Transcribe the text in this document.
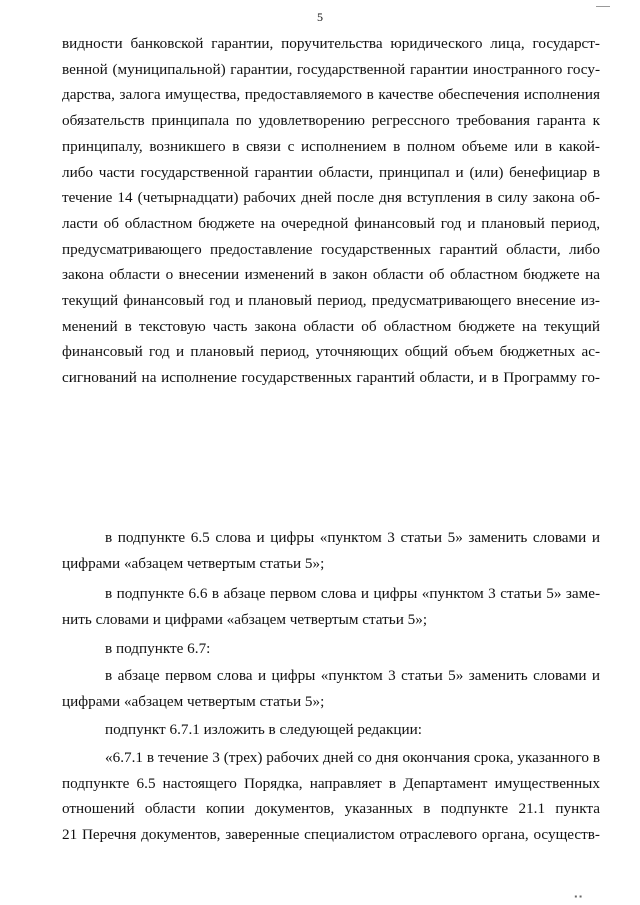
5
видности банковской гарантии, поручительства юридического лица, государст-
венной (муниципальной) гарантии, государственной гарантии иностранного госу-
дарства, залога имущества, предоставляемого в качестве обеспечения исполнения
обязательств принципала по удовлетворению регрессного требования гаранта к
принципалу, возникшего в связи с исполнением в полном объеме или в какой-
либо части государственной гарантии области, принципал и (или) бенефициар в
течение 14 (четырнадцати) рабочих дней после дня вступления в силу закона об-
ласти об областном бюджете на очередной финансовый год и плановый период,
предусматривающего предоставление государственных гарантий области, либо
закона области о внесении изменений в закон области об областном бюджете на
текущий финансовый год и плановый период, предусматривающего внесение из-
менений в текстовую часть закона области об областном бюджете на текущий
финансовый год и плановый период, уточняющих общий объем бюджетных ас-
сигнований на исполнение государственных гарантий области, и в Программу го-
в подпункте 6.5 слова и цифры «пунктом 3 статьи 5» заменить словами и
цифрами «абзацем четвертым статьи 5»;
в подпункте 6.6 в абзаце первом слова и цифры «пунктом 3 статьи 5» заме-
нить словами и цифрами «абзацем четвертым статьи 5»;
в подпункте 6.7:
в абзаце первом слова и цифры «пунктом 3 статьи 5» заменить словами и
цифрами «абзацем четвертым статьи 5»;
подпункт 6.7.1 изложить в следующей редакции:
«6.7.1 в течение 3 (трех) рабочих дней со дня окончания срока, указанного в
подпункте 6.5 настоящего Порядка, направляет в Департамент имущественных
отношений области копии документов, указанных в подпункте 21.1 пункта
21 Перечня документов, заверенные специалистом отраслевого органа, осуществ-
▪ ▪
